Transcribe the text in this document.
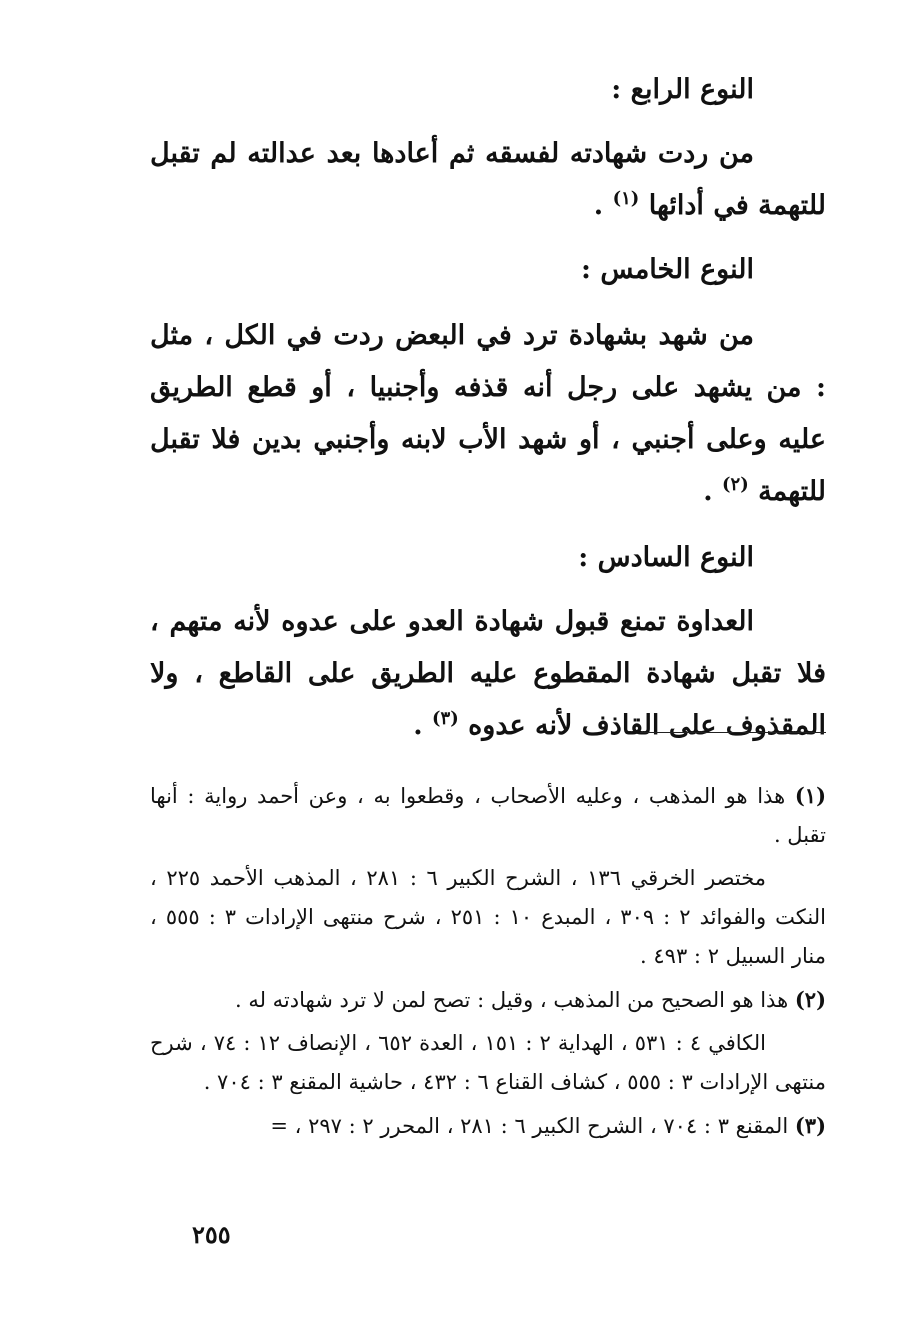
النوع الرابع :

من ردت شهادته لفسقه ثم أعادها بعد عدالته لم تقبل للتهمة في أدائها $^{(١)}$ .

النوع الخامس :

من شهد بشهادة ترد في البعض ردت في الكل ، مثل : من يشهد على رجل أنه قذفه وأجنبيا ، أو قطع الطريق عليه وعلى أجنبي ، أو شهد الأب لابنه وأجنبي بدين فلا تقبل للتهمة $^{(٢)}$ .

النوع السادس :

العداوة تمنع قبول شهادة العدو على عدوه لأنه متهم ، فلا تقبل شهادة المقطوع عليه الطريق على القاطع ، ولا المقذوف على القاذف لأنه عدوه $^{(٣)}$ .

(١) هذا هو المذهب ، وعليه الأصحاب ، وقطعوا به ، وعن أحمد رواية : أنها تقبل .

مختصر الخرقي ١٣٦ ، الشرح الكبير ٦ : ٢٨١ ، المذهب الأحمد ٢٢٥ ، النكت والفوائد ٢ : ٣٠٩ ، المبدع ١٠ : ٢٥١ ، شرح منتهى الإرادات ٣ : ٥٥٥ ، منار السبيل ٢ : ٤٩٣ .

(٢) هذا هو الصحيح من المذهب ، وقيل : تصح لمن لا ترد شهادته له .

الكافي ٤ : ٥٣١ ، الهداية ٢ : ١٥١ ، العدة ٦٥٢ ، الإنصاف ١٢ : ٧٤ ، شرح منتهى الإرادات ٣ : ٥٥٥ ، كشاف القناع ٦ : ٤٣٢ ، حاشية المقنع ٣ : ٧٠٤ .

(٣) المقنع ٣ : ٧٠٤ ، الشرح الكبير ٦ : ٢٨١ ، المحرر ٢ : ٢٩٧ ، =

٢٥٥
